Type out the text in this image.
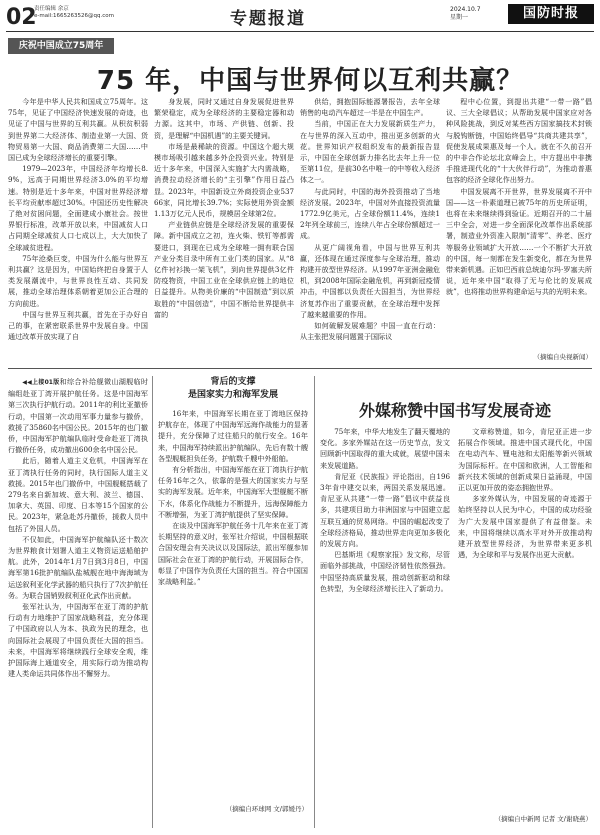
02
责任编辑 余京
e-mail:1665263526@qq.com	专题报道	2024.10.7
星期一	国防时报
庆祝中国成立75周年
75 年，中国与世界何以互利共赢？

今年是中华人民共和国成立75周年。这75年，见证了中国经济快速发展的奇迹，也见证了中国与世界的互利共赢。从积贫积弱到世界第二大经济体、制造业第一大国、货物贸易第一大国、商品消费第二大国……中国已成为全球经济增长的重要引擎。

1979—2023年，中国经济年均增长8.9%，远高于同期世界经济3.0%的平均增速。特别是近十多年来，中国对世界经济增长平均贡献率超过30%。中国还历史性解决了绝对贫困问题，全面建成小康社会。按世界银行标准，改革开放以来，中国减贫人口占同期全球减贫人口七成以上，大大加快了全球减贫进程。

75年沧桑巨变，中国为什么能与世界互利共赢？这是因为，中国始终把自身置于人类发展潮流中，与世界良性互动、共同发展，推动全球治理体系朝着更加公正合理的方向前进。

中国与世界互利共赢，首先在于办好自己的事，在紧密联系世界中发展自身。中国通过改革开放实现了自

身发展，同时又通过自身发展促进世界繁荣稳定，成为全球经济的主要稳定器和动力源。这其中，市场、产供链、创新、投资，是理解“中国机遇”的主要关键词。

市场是最稀缺的资源。中国这个超大规模市场吸引越来越多外企投资兴业。特别是近十多年来，中国深入实施扩大内需战略，消费拉动经济增长的“主引擎”作用日益凸显。2023年，中国新设立外商投资企业53766家，同比增长39.7%；实际使用外资金额1.13万亿元人民币，规模居全球第2位。

产业链供应链是全球经济发展的重要保障。新中国成立之初，连火柴、铁钉等都需要进口，到现在已成为全球唯一拥有联合国产业分类目录中所有工业门类的国家。从“8亿件衬衫换一架飞机”，到向世界提供3亿件防疫物资，中国工业在全球供应链上的地位日益提升。从物美价廉的“中国制造”到以质取胜的“中国创造”，中国不断给世界提供丰富的

供给，拥抱国际能源署报告，去年全球销售的电动汽车超过一半是在中国生产。

当前，中国正在大力发展新质生产力，在与世界的深入互动中，推出更多创新的火花。世界知识产权组织发布的最新报告显示，中国在全球创新力排名比去年上升一位至第11位，是前30名中唯一的中等收入经济体之一。

与此同时，中国的海外投资推动了当地经济发展。2023年，中国对外直接投资流量1772.9亿美元，占全球份额11.4%，连续12年列全球前三，连续八年占全球份额超过一成。

从更广阔视角看，中国与世界互利共赢，还体现在通过深度参与全球治理，推动构建开放型世界经济。从1997年亚洲金融危机，到2008年国际金融危机，再到新冠疫情冲击，中国都以负责任大国担当，为世界经济复苏作出了重要贡献，在全球治理中发挥了越来越重要的作用。

如何破解发展难题？中国一直在行动：从主张把发展问题置于国际议

程中心位置，到提出共建“一带一路”倡议、三大全球倡议；从帮助发展中国家应对各种风险挑战，到反对某些西方国家搞技术封锁与脱钩断链，中国始终倡导“共商共建共享”，促使发展成果惠及每一个人。就在不久前召开的中非合作论坛北京峰会上，中方提出中非携手推进现代化的“十大伙伴行动”，为推动普惠包容的经济全球化作出努力。

中国发展离不开世界，世界发展离不开中国——这一朴素道理已被75年的历史所证明，也将在未来继续得到验证。近期召开的二十届三中全会，对进一步全面深化改革作出系统部署，制造业外资准入限制“清零”、养老、医疗等服务业领域扩大开放……一个不断扩大开放的中国，每一刻都在发生新变化，都在为世界带来新机遇。正如巴西前总统迪尔玛·罗塞夫所说，近年来中国“取得了无与伦比的发展成就”，也将推动世界构建命运与共的光明未来。

（摘编自央视新闻）

◀◀上接01版和综合补给舰微山湖舰临时编组赴亚丁湾开展护航任务。这是中国海军第三次执行护航行动。2011年的利比亚撤侨行动，中国第一次动用军事力量参与撤侨，救援了35860名中国公民。2015年的也门撤侨，中国海军护航编队临时受命赴亚丁湾执行撤侨任务，成功撤出600余名中国公民。

此后，随着人道主义危机，中国海军在亚丁湾执行任务的同时，执行国际人道主义救援。2015年也门撤侨中，中国舰艇搭载了279名来自新加坡、意大利、波兰、德国、加拿大、英国、印度、日本等15个国家的公民。2023年，紧急赴苏丹撤侨，援救人员中包括了外国人员。

不仅如此，中国海军护航编队还十数次为世界粮食计划署人道主义物资运送船舶护航。此外，2014年1月7日到3月8日，中国海军第16批护航编队盐城舰在地中海海域为运送叙利亚化学武器的船只执行了7次护航任务。为联合国销毁叙利亚化武作出贡献。

张军社认为，中国海军在亚丁湾的护航行动有力地维护了国家战略利益，充分体现了中国政府以人为本、执政为民的理念，也向国际社会展现了中国负责任大国的担当。未来，中国海军将继续践行全球安全观，维护国际海上通道安全，用实际行动为推动构建人类命运共同体作出不懈努力。

背后的支撑
是国家实力和海军发展

16年来，中国海军长期在亚丁湾地区保持护航存在，体现了中国海军远海作战能力的显著提升，充分保障了过往船只的航行安全。16年来，中国海军持续派出护航编队，先后有数十艘各型舰艇担负任务，护航数千艘中外船舶。

有分析指出，中国海军能在亚丁湾执行护航任务16年之久，依靠的是强大的国家实力与坚实的海军发展。近年来，中国海军大型舰艇不断下水，体系化作战能力不断提升，远海保障能力不断增强，为亚丁湾护航提供了坚实保障。

在谈及中国海军护航任务十几年来在亚丁湾长期坚持的意义时，张军社介绍说，中国根据联合国安理会有关决议以及国际法，派出军舰参加国际社会在亚丁湾的护航行动，开展国际合作，彰显了中国作为负责任大国的担当。符合中国国家战略利益。”

（摘编自环球网 文/郭媛丹）
外媒称赞中国书写发展奇迹

75年来，中华大地发生了翻天覆地的变化。多家外媒站在这一历史节点，发文回顾新中国取得的重大成就，展望中国未来发展道路。

肯尼亚《民族报》评论指出，自1963年肯中建交以来，两国关系发展迅速。肯尼亚从共建“一带一路”倡议中获益良多，共建项目助力非洲国家与中国建立起互联互通的贸易网络。中国的崛起改变了全球经济格局，推动世界走向更加多极化的发展方向。

巴基斯坦《观察家报》发文称，尽管面临外部挑战，中国经济韧性依然强劲。中国坚持高质量发展，推动创新驱动和绿色转型，为全球经济增长注入了新动力。

文章称赞道，如今，肯尼亚正进一步拓展合作领域。推进中国式现代化，中国在电动汽车、锂电池和太阳能等新兴领域为国际标杆。在中国和欧洲，人工智能和新兴技术领域的创新成果日益涌现，中国正以更加开放的姿态拥抱世界。

多家外媒认为，中国发展的奇迹源于始终坚持以人民为中心，中国的成功经验为广大发展中国家提供了有益借鉴。未来，中国将继续以高水平对外开放推动构建开放型世界经济，为世界带来更多机遇，为全球和平与发展作出更大贡献。

（摘编自中新网 记者 文/谢晓燕）
